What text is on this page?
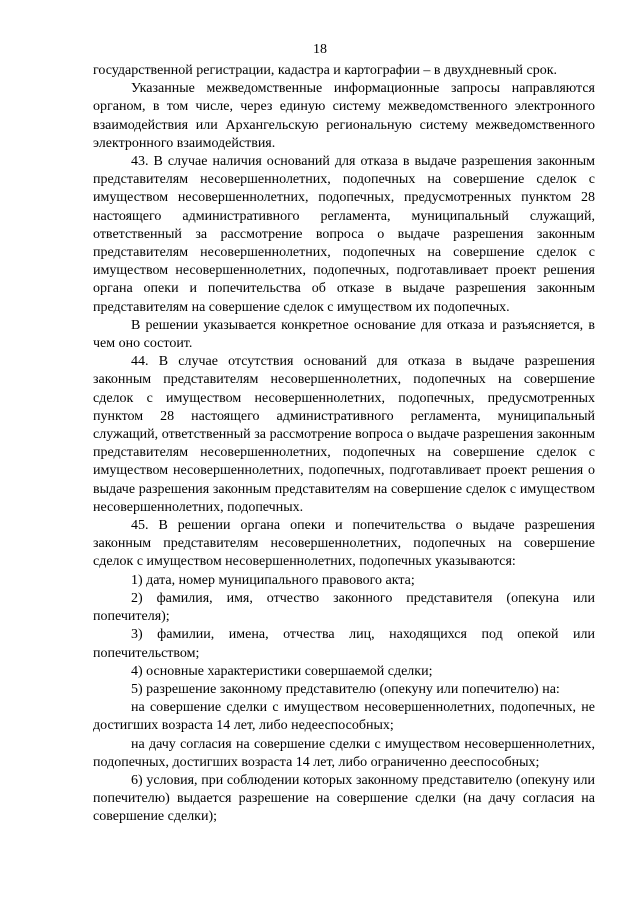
18

государственной регистрации, кадастра и картографии – в двухдневный срок.

Указанные межведомственные информационные запросы направляются органом, в том числе, через единую систему межведомственного электронного взаимодействия или Архангельскую региональную систему межведомственного электронного взаимодействия.

43. В случае наличия оснований для отказа в выдаче разрешения законным представителям несовершеннолетних, подопечных на совершение сделок с имуществом несовершеннолетних, подопечных, предусмотренных пунктом 28 настоящего административного регламента, муниципальный служащий, ответственный за рассмотрение вопроса о выдаче разрешения законным представителям несовершеннолетних, подопечных на совершение сделок с имуществом несовершеннолетних, подопечных, подготавливает проект решения органа опеки и попечительства об отказе в выдаче разрешения законным представителям на совершение сделок с имуществом их подопечных.

В решении указывается конкретное основание для отказа и разъясняется, в чем оно состоит.

44. В случае отсутствия оснований для отказа в выдаче разрешения законным представителям несовершеннолетних, подопечных на совершение сделок с имуществом несовершеннолетних, подопечных, предусмотренных пунктом 28 настоящего административного регламента, муниципальный служащий, ответственный за рассмотрение вопроса о выдаче разрешения законным представителям несовершеннолетних, подопечных на совершение сделок с имуществом несовершеннолетних, подопечных, подготавливает проект решения о выдаче разрешения законным представителям на совершение сделок с имуществом несовершеннолетних, подопечных.

45. В решении органа опеки и попечительства о выдаче разрешения законным представителям несовершеннолетних, подопечных на совершение сделок с имуществом несовершеннолетних, подопечных указываются:

1) дата, номер муниципального правового акта;

2) фамилия, имя, отчество законного представителя (опекуна или попечителя);

3) фамилии, имена, отчества лиц, находящихся под опекой или попечительством;

4) основные характеристики совершаемой сделки;

5) разрешение законному представителю (опекуну или попечителю) на:

на совершение сделки с имуществом несовершеннолетних, подопечных, не достигших возраста 14 лет, либо недееспособных;

на дачу согласия на совершение сделки с имуществом несовершеннолетних, подопечных, достигших возраста 14 лет, либо ограниченно дееспособных;

6) условия, при соблюдении которых законному представителю (опекуну или попечителю) выдается разрешение на совершение сделки (на дачу согласия на совершение сделки);
